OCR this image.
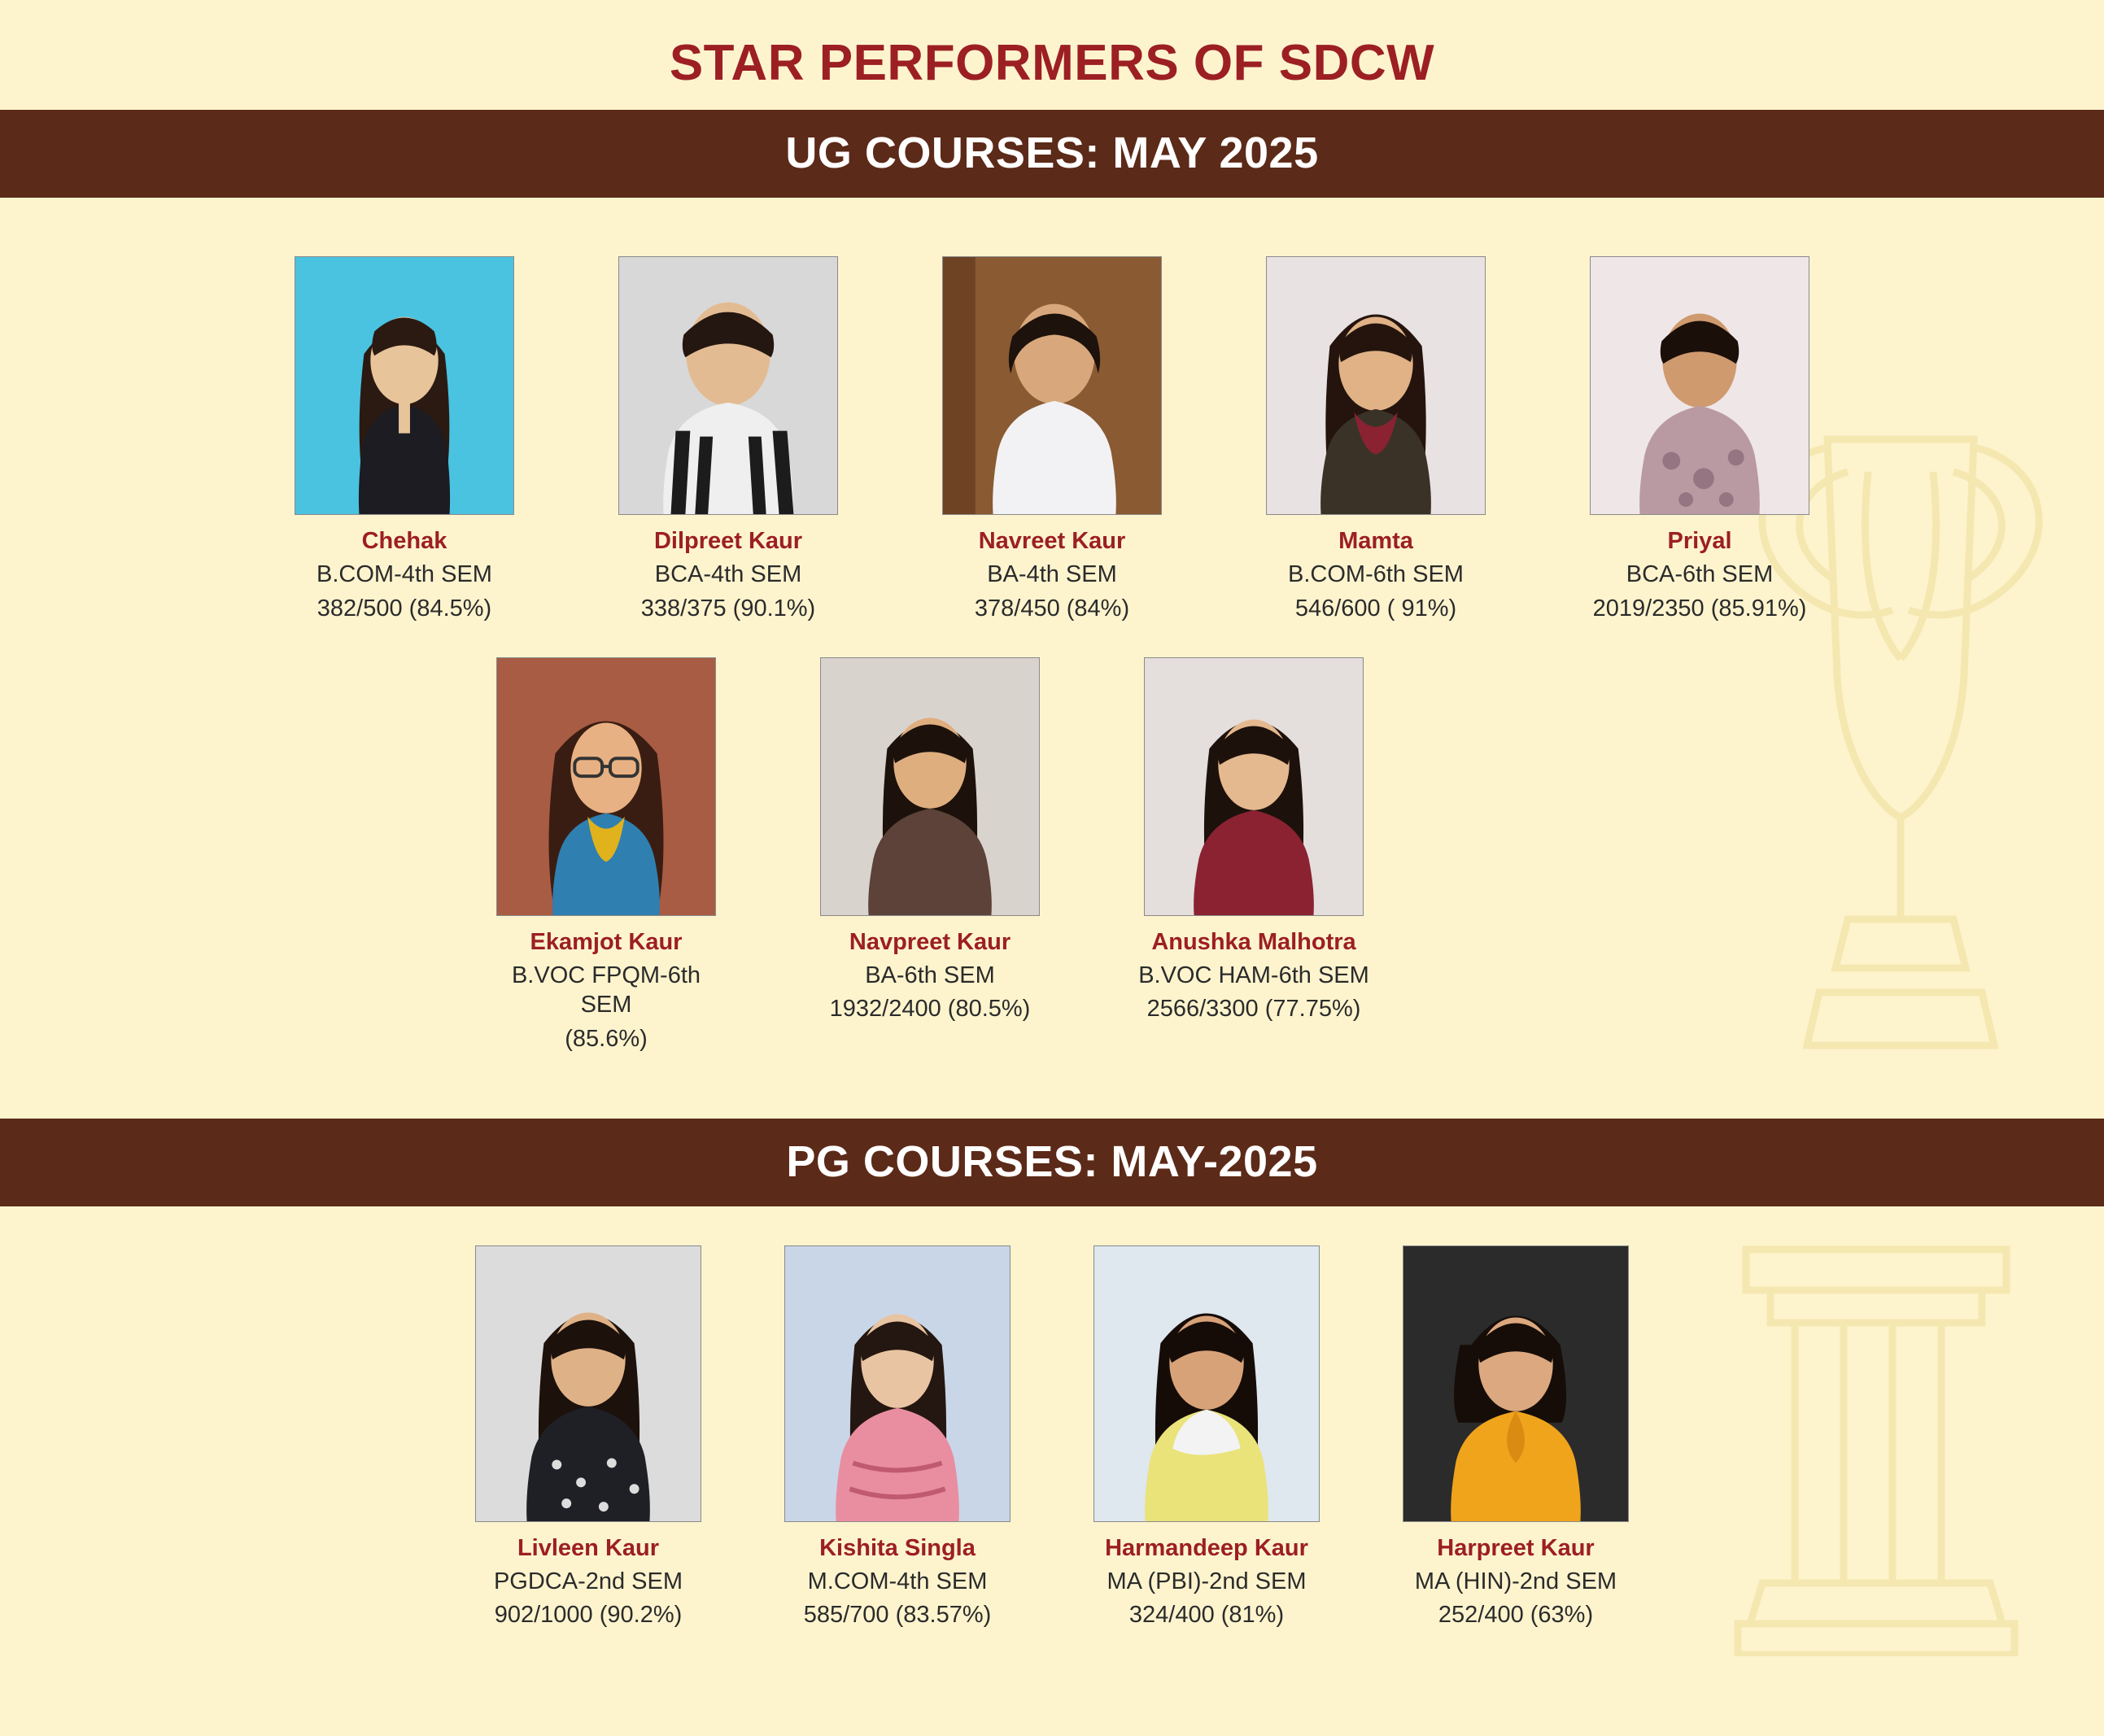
STAR PERFORMERS OF SDCW
UG COURSES: MAY 2025
Chehak
B.COM-4th SEM
382/500 (84.5%)
Dilpreet Kaur
BCA-4th SEM
338/375 (90.1%)
Navreet Kaur
BA-4th SEM
378/450 (84%)
Mamta
B.COM-6th SEM
546/600 ( 91%)
Priyal
BCA-6th SEM
2019/2350 (85.91%)
Ekamjot Kaur
B.VOC FPQM-6th SEM
(85.6%)
Navpreet Kaur
BA-6th SEM
1932/2400 (80.5%)
Anushka Malhotra
B.VOC HAM-6th SEM
2566/3300 (77.75%)
PG COURSES: MAY-2025
Livleen Kaur
PGDCA-2nd SEM
902/1000 (90.2%)
Kishita Singla
M.COM-4th SEM
585/700 (83.57%)
Harmandeep Kaur
MA (PBI)-2nd SEM
324/400 (81%)
Harpreet Kaur
MA (HIN)-2nd SEM
252/400 (63%)
